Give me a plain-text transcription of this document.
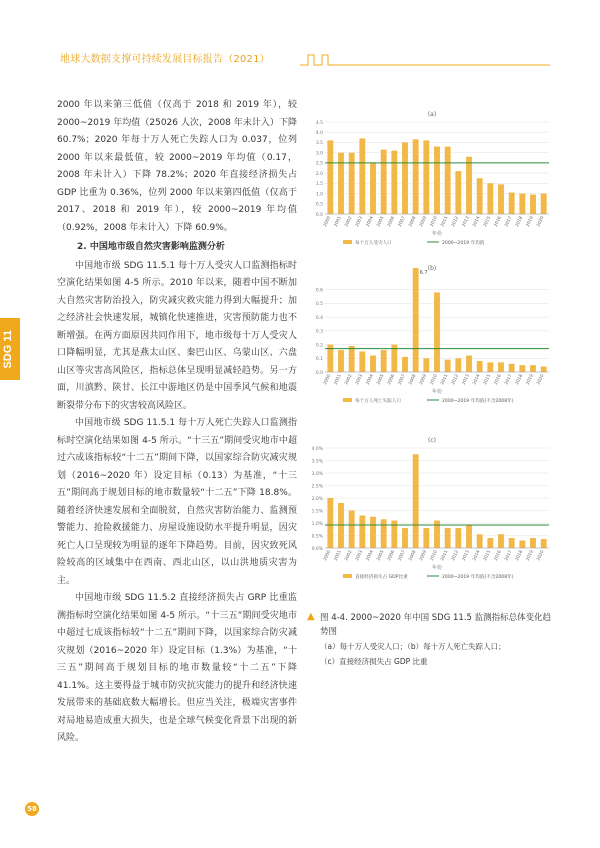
地球大数据支撑可持续发展目标报告（2021）
SDG 11

2000 年以来第三低值（仅高于 2018 和 2019 年），较 2000~2019 年均值（25026 人次，2008 年未计入）下降 60.7%；2020 年每十万人死亡失踪人口为 0.037，位列 2000 年以来最低值，较 2000~2019 年均值（0.17，2008 年未计入）下降 78.2%；2020 年直接经济损失占 GDP 比重为 0.36%，位列 2000 年以来第四低值（仅高于 2017、2018 和 2019 年），较 2000~2019 年均值（0.92%，2008 年未计入）下降 60.9%。

2. 中国地市级自然灾害影响监测分析

中国地市级 SDG 11.5.1 每十万人受灾人口监测指标时空演化结果如图 4-5 所示。2010 年以来，随着中国不断加大自然灾害防治投入，防灾减灾救灾能力得到大幅提升；加之经济社会快速发展，城镇化快速推进，灾害预防能力也不断增强。在两方面原因共同作用下，地市级每十万人受灾人口降幅明显，尤其是燕太山区、秦巴山区、乌蒙山区、六盘山区等灾害高风险区，指标总体呈现明显减轻趋势。另一方面，川滇黔、陕甘、长江中游地区仍是中国季风气候和地震断裂带分布下的灾害较高风险区。

中国地市级 SDG 11.5.1 每十万人死亡失踪人口监测指标时空演化结果如图 4-5 所示。“十三五”期间受灾地市中超过六成该指标较“十二五”期间下降，以国家综合防灾减灾规划（2016~2020 年）设定目标（0.13）为基准，“十三五”期间高于规划目标的地市数量较“十二五”下降 18.8%。随着经济快速发展和全面脱贫，自然灾害防治能力、监测预警能力、抢险救援能力、房屋设施设防水平提升明显，因灾死亡人口呈现较为明显的逐年下降趋势。目前，因灾致死风险较高的区域集中在西南、西北山区，以山洪地质灾害为主。

中国地市级 SDG 11.5.2 直接经济损失占 GRP 比重监测指标时空演化结果如图 4-5 所示。“十三五”期间受灾地市中超过七成该指标较“十二五”期间下降，以国家综合防灾减灾规划（2016~2020 年）设定目标（1.3%）为基准，“十三五”期间高于规划目标的地市数量较“十二五”下降 41.1%。这主要得益于城市防灾抗灾能力的提升和经济快速发展带来的基础底数大幅增长。但应当关注，极端灾害事件对局地易造成重大损失，也是全球气候变化背景下出现的新风险。

(a)
0.0
0.5
1.0
1.5
2.0
2.5
3.0
3.5
4.0
4.5
2000 2001 2002 2003 2004 2005 2006 2007 2008 2009 2010 2011 2012 2013 2014 2015 2016 2017 2018 2019 2020
年份
每十万人受灾人口	2000~2019 年均值
(b)
0.0
0.1
0.2
0.3
0.4
0.5
0.6
6.7
2000 2001 2002 2003 2004 2005 2006 2007 2008 2009 2010 2011 2012 2013 2014 2015 2016 2017 2018 2019 2020
年份
每十万人死亡失踪人口	2000~2019 年均值(不含2008年)
(c)
0.0%
0.5%
1.0%
1.5%
2.0%
2.5%
3.0%
3.5%
4.0%
2000 2001 2002 2003 2004 2005 2006 2007 2008 2009 2010 2011 2012 2013 2014 2015 2016 2017 2018 2019 2020
年份
直接经济损失占 GDP比重	2000~2019 年均值(不含2008年)
▲ 图 4-4. 2000~2020 年中国 SDG 11.5 监测指标总体变化趋势图
（a）每十万人受灾人口；（b）每十万人死亡失踪人口；
（c）直接经济损失占 GDP 比重
58
